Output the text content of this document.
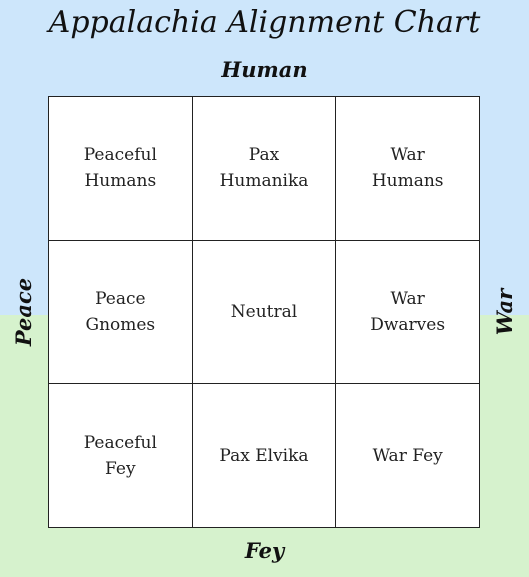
Appalachia Alignment Chart
Human
Fey
Peace	War
Peaceful
Humans
Pax
Humanika
War
Humans
Peace
Gnomes
Neutral
War
Dwarves
Peaceful
Fey
Pax Elvika	War Fey
